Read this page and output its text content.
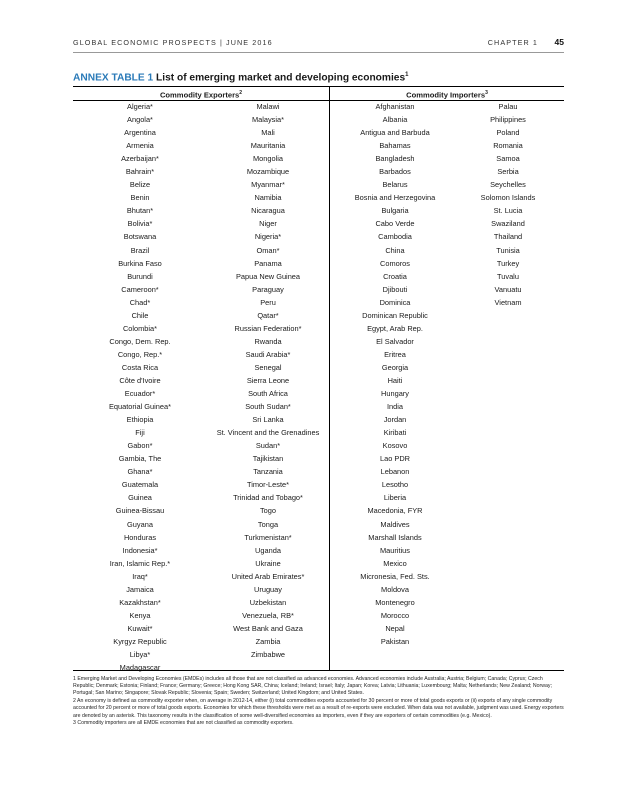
GLOBAL ECONOMIC PROSPECTS | JUNE 2016	CHAPTER 1 45
ANNEX TABLE 1 List of emerging market and developing economies$^1$
Commodity Exporters$^2$	Commodity Importers$^3$
Algeria*
Angola*
Argentina
Armenia
Azerbaijan*
Bahrain*
Belize
Benin
Bhutan*
Bolivia*
Botswana
Brazil
Burkina Faso
Burundi
Cameroon*
Chad*
Chile
Colombia*
Congo, Dem. Rep.
Congo, Rep.*
Costa Rica
Côte d'Ivoire
Ecuador*
Equatorial Guinea*
Ethiopia
Fiji
Gabon*
Gambia, The
Ghana*
Guatemala
Guinea
Guinea-Bissau
Guyana
Honduras
Indonesia*
Iran, Islamic Rep.*
Iraq*
Jamaica
Kazakhstan*
Kenya
Kuwait*
Kyrgyz Republic
Libya*
Madagascar
Malawi
Malaysia*
Mali
Mauritania
Mongolia
Mozambique
Myanmar*
Namibia
Nicaragua
Niger
Nigeria*
Oman*
Panama
Papua New Guinea
Paraguay
Peru
Qatar*
Russian Federation*
Rwanda
Saudi Arabia*
Senegal
Sierra Leone
South Africa
South Sudan*
Sri Lanka
St. Vincent and the Grenadines
Sudan*
Tajikistan
Tanzania
Timor-Leste*
Trinidad and Tobago*
Togo
Tonga
Turkmenistan*
Uganda
Ukraine
United Arab Emirates*
Uruguay
Uzbekistan
Venezuela, RB*
West Bank and Gaza
Zambia
Zimbabwe
Afghanistan
Albania
Antigua and Barbuda
Bahamas
Bangladesh
Barbados
Belarus
Bosnia and Herzegovina
Bulgaria
Cabo Verde
Cambodia
China
Comoros
Croatia
Djibouti
Dominica
Dominican Republic
Egypt, Arab Rep.
El Salvador
Eritrea
Georgia
Haiti
Hungary
India
Jordan
Kiribati
Kosovo
Lao PDR
Lebanon
Lesotho
Liberia
Macedonia, FYR
Maldives
Marshall Islands
Mauritius
Mexico
Micronesia, Fed. Sts.
Moldova
Montenegro
Morocco
Nepal
Pakistan
Palau
Philippines
Poland
Romania
Samoa
Serbia
Seychelles
Solomon Islands
St. Lucia
Swaziland
Thailand
Tunisia
Turkey
Tuvalu
Vanuatu
Vietnam

1 Emerging Market and Developing Economies (EMDEs) includes all those that are not classified as advanced economies. Advanced economies include Australia; Austria; Belgium; Canada; Cyprus; Czech Republic; Denmark; Estonia; Finland; France; Germany; Greece; Hong Kong SAR, China; Iceland; Ireland; Israel; Italy; Japan; Korea; Latvia; Lithuania; Luxembourg; Malta; Netherlands; New Zealand; Norway; Portugal; San Marino; Singapore; Slovak Republic; Slovenia; Spain; Sweden; Switzerland; United Kingdom; and United States.

2 An economy is defined as commodity exporter when, on average in 2012-14, either (i) total commodities exports accounted for 30 percent or more of total goods exports or (ii) exports of any single commodity accounted for 20 percent or more of total goods exports. Economies for which these thresholds were met as a result of re-exports were excluded. When data was not available, judgment was used. Energy exporters are denoted by an asterisk. This taxonomy results in the classification of some well-diversified economies as importers, even if they are exporters of certain commodities (e.g. Mexico).

3 Commodity importers are all EMDE economies that are not classified as commodity exporters.
